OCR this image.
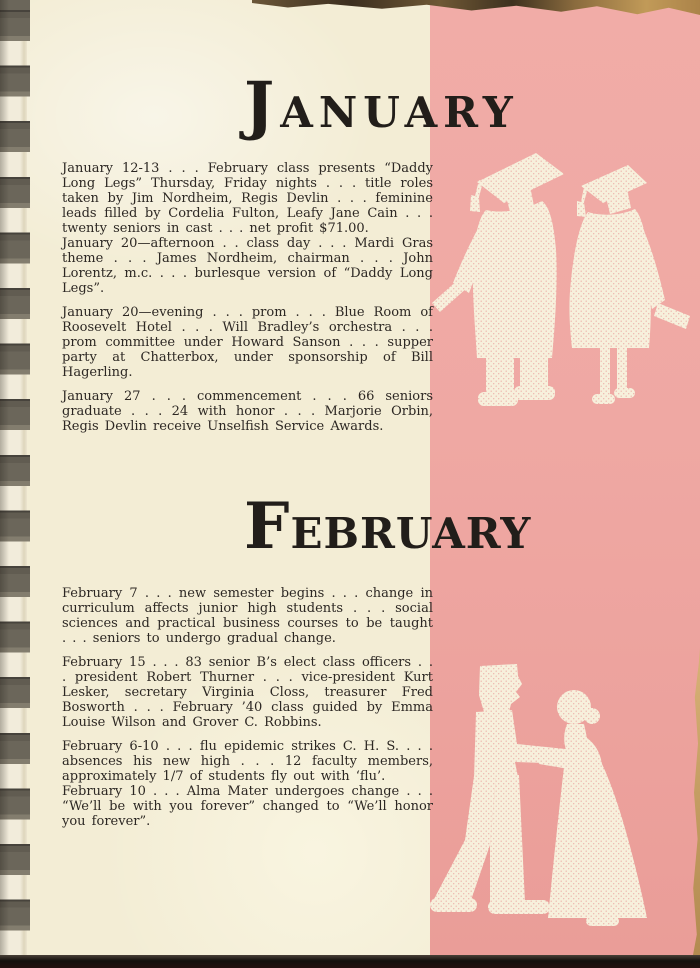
JANUARY
FEBRUARY

January 12-13 . . . February class presents “Daddy Long Legs” Thursday, Friday nights . . . title roles taken by Jim Nordheim, Regis Devlin . . . feminine leads filled by Cordelia Fulton, Leafy Jane Cain . . . twenty seniors in cast . . . net profit $71.00.

January 20—afternoon . . class day . . . Mardi Gras theme . . . James Nordheim, chairman . . . John Lorentz, m.c. . . . burlesque version of “Daddy Long Legs”.

January 20—evening . . . prom . . . Blue Room of Roosevelt Hotel . . . Will Bradley’s orchestra . . . prom committee under Howard Sanson . . . supper party at Chatterbox, under sponsorship of Bill Hagerling.

January 27 . . . commencement . . . 66 seniors graduate . . . 24 with honor . . . Marjorie Orbin, Regis Devlin receive Unselfish Service Awards.

February 7 . . . new semester begins . . . change in curriculum affects junior high students . . . social sciences and practical business courses to be taught . . . seniors to undergo gradual change.

February 15 . . . 83 senior B’s elect class officers . . . president Robert Thurner . . . vice-president Kurt Lesker, secretary Virginia Closs, treasurer Fred Bosworth . . . February ’40 class guided by Emma Louise Wilson and Grover C. Robbins.

February 6-10 . . . flu epidemic strikes C. H. S. . . . absences his new high . . . 12 faculty members, approximately 1/7 of students fly out with ‘flu’.

February 10 . . . Alma Mater undergoes change . . . “We’ll be with you forever” changed to “We’ll honor you forever”.
